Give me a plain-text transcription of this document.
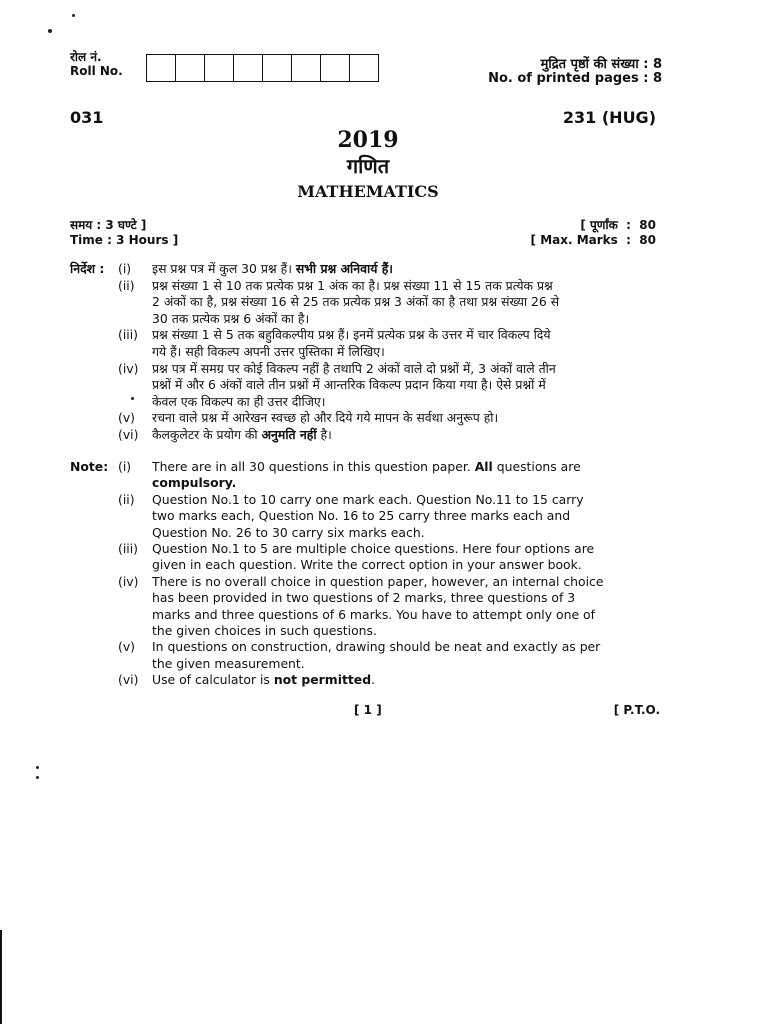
रोल नं.
Roll No.	मुद्रित पृष्ठों की संख्या : 8
No. of printed pages : 8
031	231 (HUG)
2019
गणित
MATHEMATICS
समय : 3 घण्टे ]
Time : 3 Hours ]
[ पूर्णांक  :  80
[ Max. Marks  :  80
निर्देश : (i) इस प्रश्न पत्र में कुल 30 प्रश्न हैं। सभी प्रश्न अनिवार्य हैं।
(ii) प्रश्न संख्या 1 से 10 तक प्रत्येक प्रश्न 1 अंक का है। प्रश्न संख्या 11 से 15 तक प्रत्येक प्रश्न
2 अंकों का है, प्रश्न संख्या 16 से 25 तक प्रत्येक प्रश्न 3 अंकों का है तथा प्रश्न संख्या 26 से
30 तक प्रत्येक प्रश्न 6 अंकों का है।
(iii) प्रश्न संख्या 1 से 5 तक बहुविकल्पीय प्रश्न हैं। इनमें प्रत्येक प्रश्न के उत्तर में चार विकल्प दिये
गये हैं। सही विकल्प अपनी उत्तर पुस्तिका में लिखिए।
(iv) प्रश्न पत्र में समग्र पर कोई विकल्प नहीं है तथापि 2 अंकों वाले दो प्रश्नों में, 3 अंकों वाले तीन
प्रश्नों में और 6 अंकों वाले तीन प्रश्नों में आन्तरिक विकल्प प्रदान किया गया है। ऐसे प्रश्नों में
केवल एक विकल्प का ही उत्तर दीजिए।
(v) रचना वाले प्रश्न में आरेखन स्वच्छ हो और दिये गये मापन के सर्वथा अनुरूप हो।
(vi) कैलकुलेटर के प्रयोग की अनुमति नहीं है।
Note: (i) There are in all 30 questions in this question paper. All questions are
compulsory.
(ii) Question No.1 to 10 carry one mark each. Question No.11 to 15 carry
two marks each, Question No. 16 to 25 carry three marks each and
Question No. 26 to 30 carry six marks each.
(iii) Question No.1 to 5 are multiple choice questions. Here four options are
given in each question. Write the correct option in your answer book.
(iv) There is no overall choice in question paper, however, an internal choice
has been provided in two questions of 2 marks, three questions of 3
marks and three questions of 6 marks. You have to attempt only one of
the given choices in such questions.
(v) In questions on construction, drawing should be neat and exactly as per
the given measurement.
(vi) Use of calculator is not permitted.
[ 1 ]	[ P.T.O.
